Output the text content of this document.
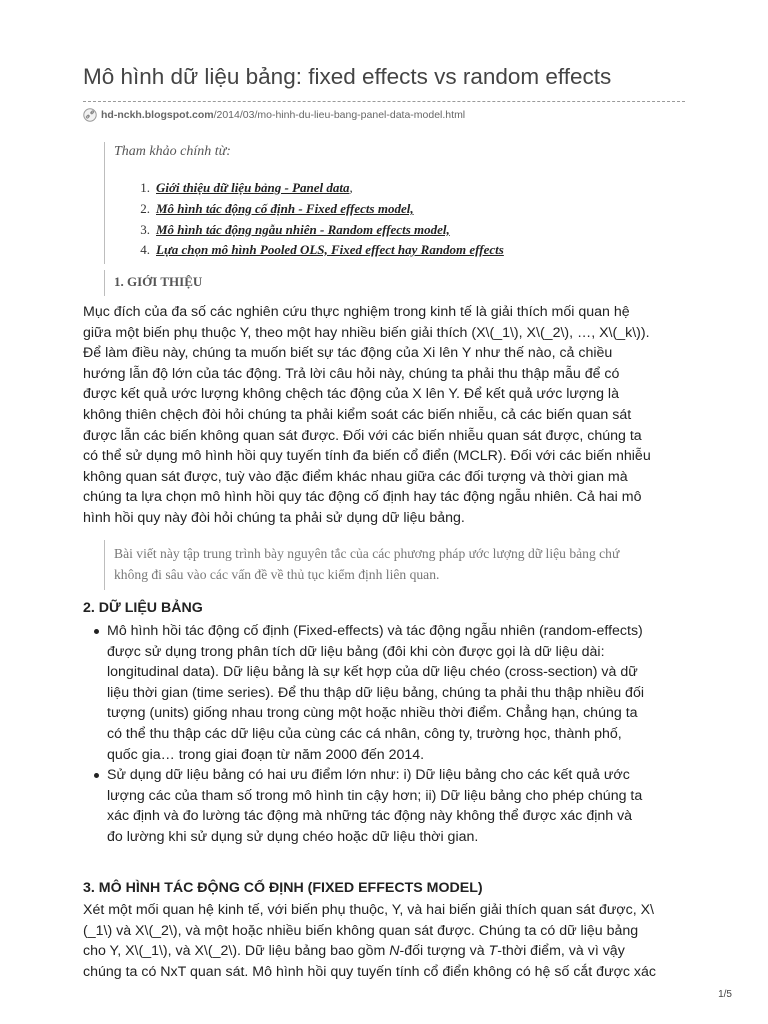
Mô hình dữ liệu bảng: fixed effects vs random effects
hd-nckh.blogspot.com /2014/03/mo-hinh-du-lieu-bang-panel-data-model.html
Tham khảo chính từ:
1. Giới thiệu dữ liệu bảng - Panel data,
2. Mô hình tác động cố định - Fixed effects model,
3. Mô hình tác động ngẫu nhiên - Random effects model,
4. Lựa chọn mô hình Pooled OLS, Fixed effect hay Random effects
1. GIỚI THIỆU
Mục đích của đa số các nghiên cứu thực nghiệm trong kinh tế là giải thích mối quan hệ
giữa một biến phụ thuộc Y, theo một hay nhiều biến giải thích (X\(_1\), X\(_2\), …, X\(_k\)).
Để làm điều này, chúng ta muốn biết sự tác động của Xi lên Y như thế nào, cả chiều
hướng lẫn độ lớn của tác động. Trả lời câu hỏi này, chúng ta phải thu thập mẫu để có
được kết quả ước lượng không chệch tác động của X lên Y. Để kết quả ước lượng là
không thiên chệch đòi hỏi chúng ta phải kiểm soát các biến nhiễu, cả các biến quan sát
được lẫn các biến không quan sát được. Đối với các biến nhiễu quan sát được, chúng ta
có thể sử dụng mô hình hồi quy tuyến tính đa biến cổ điển (MCLR). Đối với các biến nhiễu
không quan sát được, tuỳ vào đặc điểm khác nhau giữa các đối tượng và thời gian mà
chúng ta lựa chọn mô hình hồi quy tác động cố định hay tác động ngẫu nhiên. Cả hai mô
hình hồi quy này đòi hỏi chúng ta phải sử dụng dữ liệu bảng.
Bài viết này tập trung trình bày nguyên tắc của các phương pháp ước lượng dữ liệu bảng chứ
không đi sâu vào các vấn đề về thủ tục kiểm định liên quan.
2. DỮ LIỆU BẢNG
Mô hình hồi tác động cố định (Fixed-effects) và tác động ngẫu nhiên (random-effects)
được sử dụng trong phân tích dữ liệu bảng (đôi khi còn được gọi là dữ liệu dài:
longitudinal data). Dữ liệu bảng là sự kết hợp của dữ liệu chéo (cross-section) và dữ
liệu thời gian (time series). Để thu thập dữ liệu bảng, chúng ta phải thu thập nhiều đối
tượng (units) giống nhau trong cùng một hoặc nhiều thời điểm. Chẳng hạn, chúng ta
có thể thu thập các dữ liệu của cùng các cá nhân, công ty, trường học, thành phố,
quốc gia… trong giai đoạn từ năm 2000 đến 2014.
Sử dụng dữ liệu bảng có hai ưu điểm lớn như: i) Dữ liệu bảng cho các kết quả ước
lượng các của tham số trong mô hình tin cậy hơn; ii) Dữ liệu bảng cho phép chúng ta
xác định và đo lường tác động mà những tác động này không thể được xác định và
đo lường khi sử dụng sử dụng chéo hoặc dữ liệu thời gian.
3. MÔ HÌNH TÁC ĐỘNG CỐ ĐỊNH (FIXED EFFECTS MODEL)
Xét một mối quan hệ kinh tế, với biến phụ thuộc, Y, và hai biến giải thích quan sát được, X\
(_1\) và X\(_2\), và một hoặc nhiều biến không quan sát được. Chúng ta có dữ liệu bảng
cho Y, X\(_1\), và X\(_2\). Dữ liệu bảng bao gồm N-đối tượng và T-thời điểm, và vì vậy
chúng ta có NxT quan sát. Mô hình hồi quy tuyến tính cổ điển không có hệ số cắt được xác
1/5
